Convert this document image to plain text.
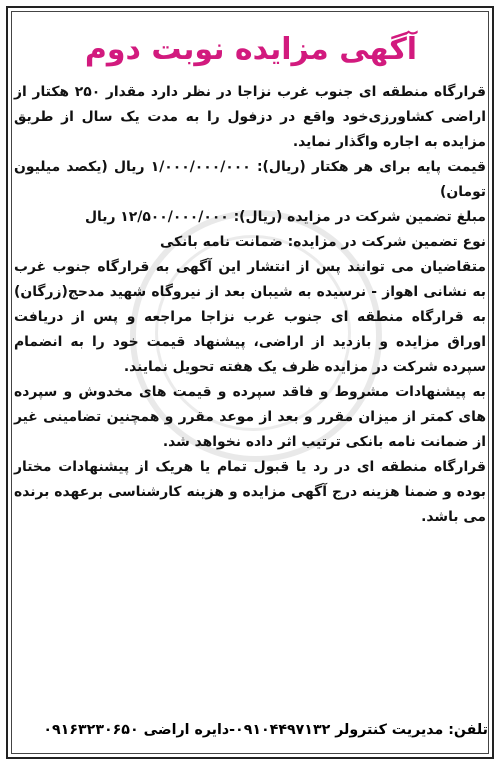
آگهی مزایده نوبت دوم

قرارگاه منطقه ای جنوب غرب نزاجا در نظر دارد مقدار ۲۵۰ هکتار از اراضی کشاورزی‌خود واقع در دزفول را به مدت یک سال از طریق مزایده به اجاره واگذار نماید.

قیمت پایه برای هر هکتار (ریال): ۱/۰۰۰/۰۰۰/۰۰۰ ریال (یکصد میلیون تومان)

مبلغ تضمین شرکت در مزایده (ریال): ۱۲/۵۰۰/۰۰۰/۰۰۰ ریال

نوع تضمین شرکت در مزایده: ضمانت نامه بانکی

متقاضیان می توانند پس از انتشار این آگهی به قرارگاه جنوب غرب به نشانی اهواز - نرسیده به شیبان بعد از نیروگاه شهید مدحج(زرگان) به قرارگاه منطقه ای جنوب غرب نزاجا مراجعه و پس از دریافت اوراق مزایده و بازدید از اراضی، پیشنهاد قیمت خود را به انضمام سپرده شرکت در مزایده ظرف یک هفته تحویل نمایند.

به پیشنهادات مشروط و فاقد سپرده و قیمت های مخدوش و سپرده های کمتر از میزان مقرر و بعد از موعد مقرر و همچنین تضامینی غیر از ضمانت نامه بانکی ترتیب اثر داده نخواهد شد.

قرارگاه منطقه ای در رد یا قبول تمام یا هریک از پیشنهادات مختار بوده و ضمنا هزینه درج آگهی مزایده و هزینه کارشناسی برعهده برنده می باشد.

تلفن: مدیریت کنترولر ۰۹۱۰۴۴۹۷۱۳۲-دایره اراضی ۰۹۱۶۳۲۳۰۶۵۰
